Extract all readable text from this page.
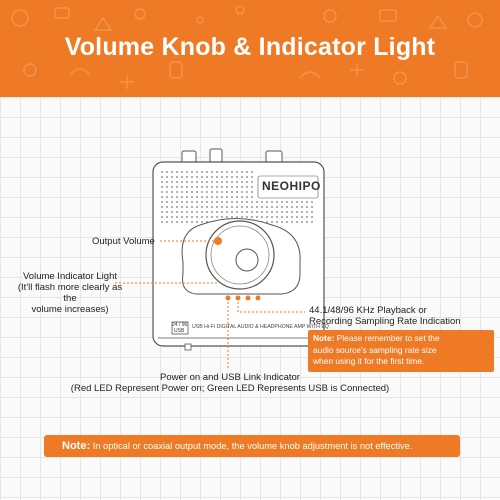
Volume Knob & Indicator Light
NEOHIPO
24 / 96
USB
USB Hi-Fi DIGITAL AUDIO & HEADPHONE AMP WITH EQ
Output Volume
Volume Indicator Light
(It'll flash more clearly as the
volume increases)	44.1/48/96 KHz Playback or
Recording Sampling Rate Indication
Note: Please remember to set the
audio source's sampling rate size
when using it for the first time.
Power on and USB Link Indicator
(Red LED Represent Power on; Green LED Represents USB is Connected)
Note: In optical or coaxial output mode, the volume knob adjustment is not effective.
